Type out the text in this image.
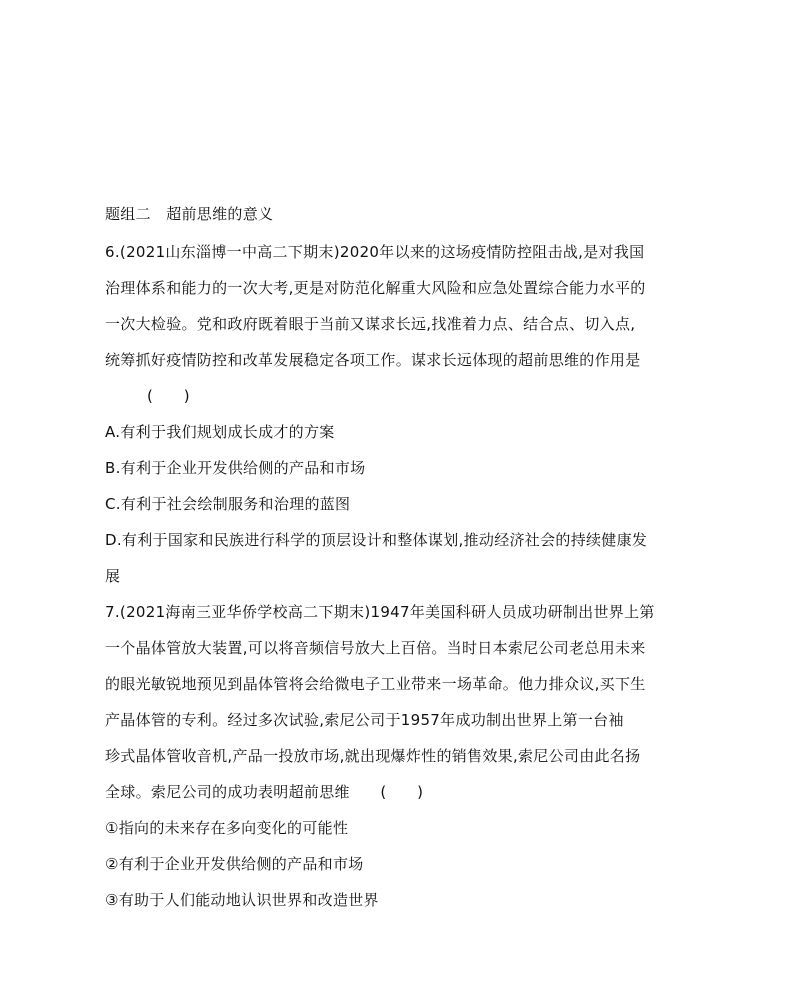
题组二　超前思维的意义
6.(2021山东淄博一中高二下期末)2020年以来的这场疫情防控阻击战,是对我国
治理体系和能力的一次大考,更是对防范化解重大风险和应急处置综合能力水平的
一次大检验。党和政府既着眼于当前又谋求长远,找准着力点、结合点、切入点,
统筹抓好疫情防控和改革发展稳定各项工作。谋求长远体现的超前思维的作用是
(　　)
A.有利于我们规划成长成才的方案
B.有利于企业开发供给侧的产品和市场
C.有利于社会绘制服务和治理的蓝图
D.有利于国家和民族进行科学的顶层设计和整体谋划,推动经济社会的持续健康发
展
7.(2021海南三亚华侨学校高二下期末)1947年美国科研人员成功研制出世界上第
一个晶体管放大装置,可以将音频信号放大上百倍。当时日本索尼公司老总用未来
的眼光敏锐地预见到晶体管将会给微电子工业带来一场革命。他力排众议,买下生
产晶体管的专利。经过多次试验,索尼公司于1957年成功制出世界上第一台袖
珍式晶体管收音机,产品一投放市场,就出现爆炸性的销售效果,索尼公司由此名扬
全球。索尼公司的成功表明超前思维　　(　　)
①指向的未来存在多向变化的可能性
②有利于企业开发供给侧的产品和市场
③有助于人们能动地认识世界和改造世界
